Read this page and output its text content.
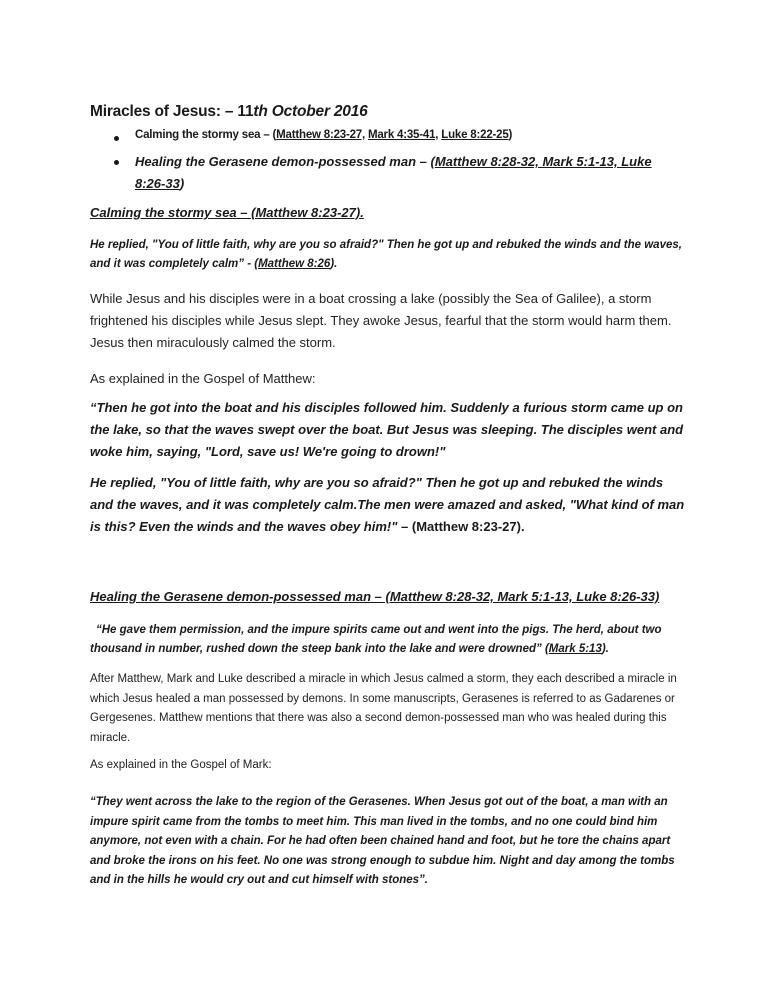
Miracles of Jesus: – 11th October 2016
Calming the stormy sea – (Matthew 8:23-27, Mark 4:35-41, Luke 8:22-25)
Healing the Gerasene demon-possessed man – (Matthew 8:28-32, Mark 5:1-13, Luke 8:26-33)
Calming the stormy sea – (Matthew 8:23-27).

He replied, "You of little faith, why are you so afraid?" Then he got up and rebuked the winds and the waves, and it was completely calm” - (Matthew 8:26).

While Jesus and his disciples were in a boat crossing a lake (possibly the Sea of Galilee), a storm frightened his disciples while Jesus slept. They awoke Jesus, fearful that the storm would harm them. Jesus then miraculously calmed the storm.

As explained in the Gospel of Matthew:

“Then he got into the boat and his disciples followed him. Suddenly a furious storm came up on the lake, so that the waves swept over the boat. But Jesus was sleeping. The disciples went and woke him, saying, "Lord, save us! We're going to drown!"

He replied, "You of little faith, why are you so afraid?" Then he got up and rebuked the winds and the waves, and it was completely calm.The men were amazed and asked, "What kind of man is this? Even the winds and the waves obey him!" – (Matthew 8:23-27).

Healing the Gerasene demon-possessed man – (Matthew 8:28-32, Mark 5:1-13, Luke 8:26-33)

“He gave them permission, and the impure spirits came out and went into the pigs. The herd, about two thousand in number, rushed down the steep bank into the lake and were drowned” (Mark 5:13).

After Matthew, Mark and Luke described a miracle in which Jesus calmed a storm, they each described a miracle in which Jesus healed a man possessed by demons. In some manuscripts, Gerasenes is referred to as Gadarenes or Gergesenes. Matthew mentions that there was also a second demon-possessed man who was healed during this miracle.

As explained in the Gospel of Mark:

“They went across the lake to the region of the Gerasenes. When Jesus got out of the boat, a man with an impure spirit came from the tombs to meet him. This man lived in the tombs, and no one could bind him anymore, not even with a chain. For he had often been chained hand and foot, but he tore the chains apart and broke the irons on his feet. No one was strong enough to subdue him. Night and day among the tombs and in the hills he would cry out and cut himself with stones”.
